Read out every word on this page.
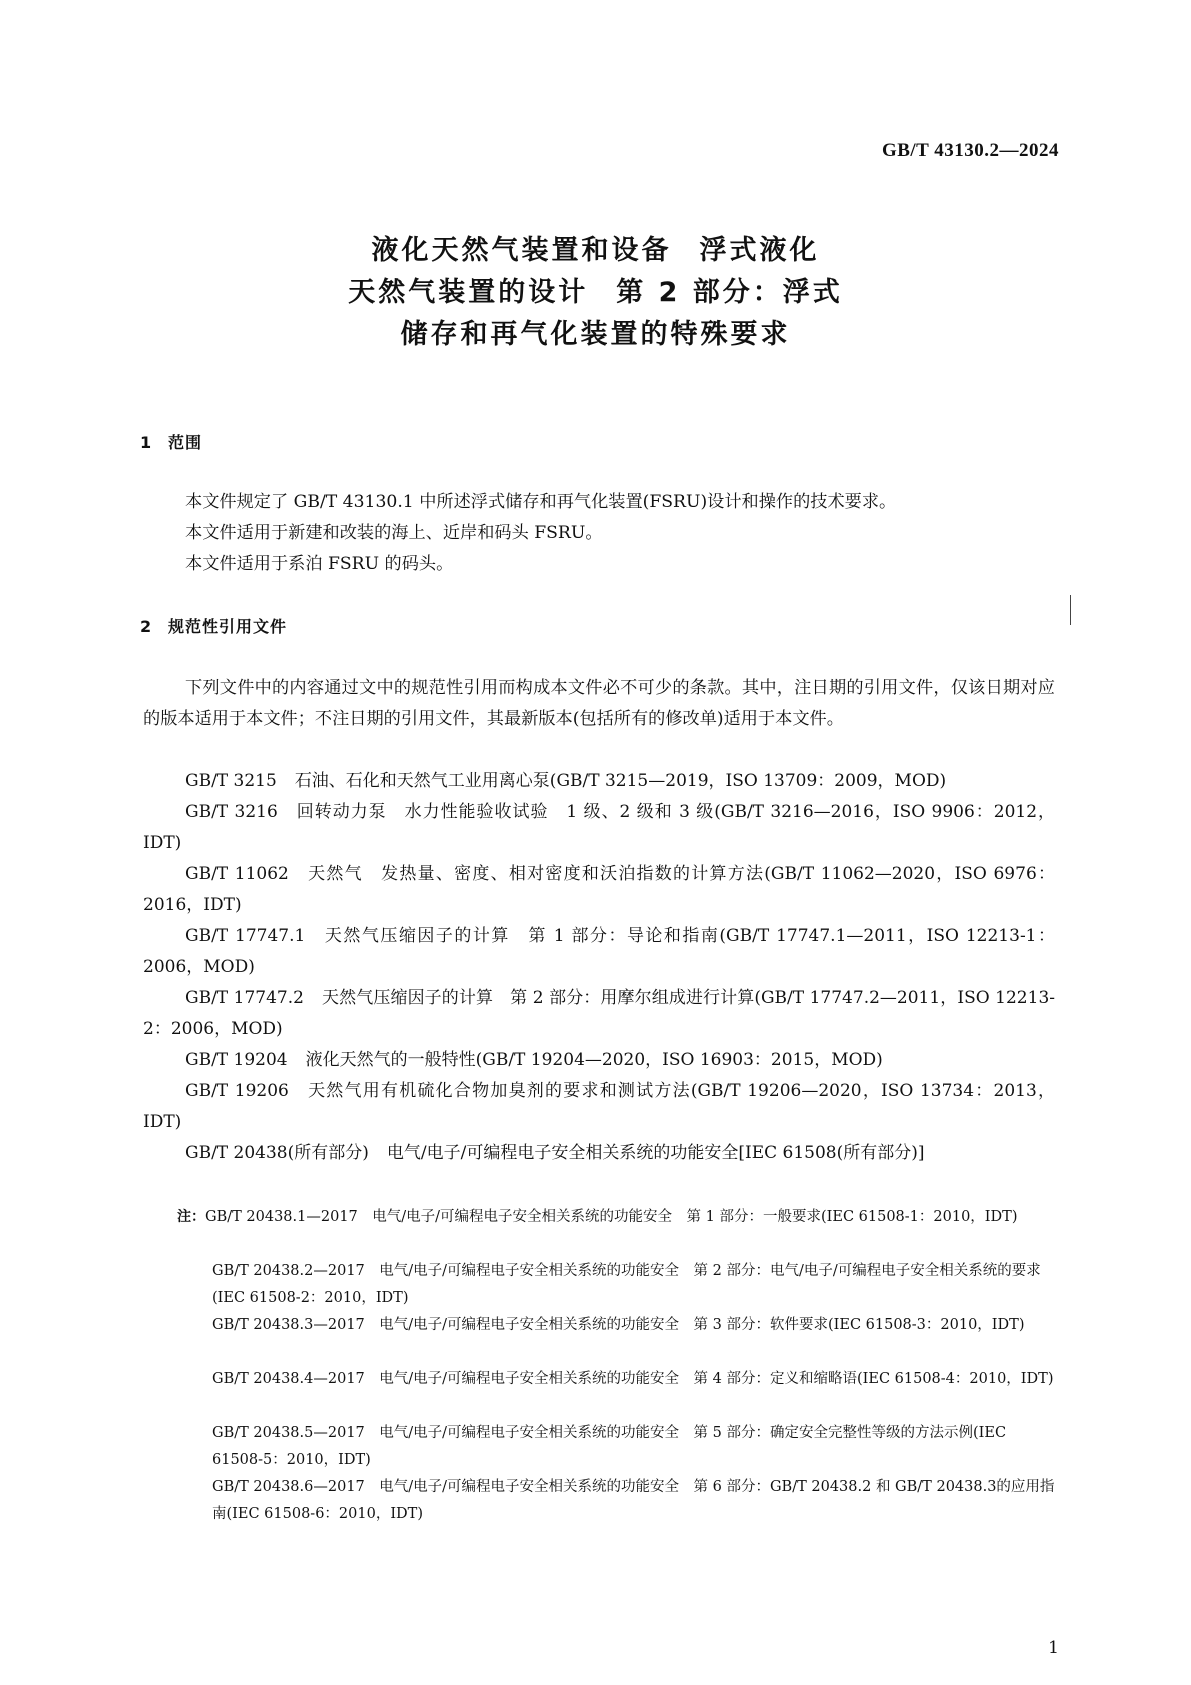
GB/T 43130.2—2024
液化天然气装置和设备 浮式液化
天然气装置的设计 第 2 部分：浮式
储存和再气化装置的特殊要求
1 范围
本文件规定了 GB/T 43130.1 中所述浮式储存和再气化装置(FSRU)设计和操作的技术要求。
本文件适用于新建和改装的海上、近岸和码头 FSRU。
本文件适用于系泊 FSRU 的码头。
2 规范性引用文件
下列文件中的内容通过文中的规范性引用而构成本文件必不可少的条款。其中，注日期的引用文件，仅该日期对应的版本适用于本文件；不注日期的引用文件，其最新版本(包括所有的修改单)适用于本文件。
GB/T 3215 石油、石化和天然气工业用离心泵(GB/T 3215—2019，ISO 13709：2009，MOD)
GB/T 3216 回转动力泵　水力性能验收试验　1 级、2 级和 3 级(GB/T 3216—2016，ISO 9906：2012，IDT)
GB/T 11062 天然气　发热量、密度、相对密度和沃泊指数的计算方法(GB/T 11062—2020，ISO 6976：2016，IDT)
GB/T 17747.1 天然气压缩因子的计算　第 1 部分：导论和指南(GB/T 17747.1—2011，ISO 12213-1：2006，MOD)
GB/T 17747.2 天然气压缩因子的计算　第 2 部分：用摩尔组成进行计算(GB/T 17747.2—2011，ISO 12213-2：2006，MOD)
GB/T 19204 液化天然气的一般特性(GB/T 19204—2020，ISO 16903：2015，MOD)
GB/T 19206 天然气用有机硫化合物加臭剂的要求和测试方法(GB/T 19206—2020，ISO 13734：2013，IDT)
GB/T 20438(所有部分) 电气/电子/可编程电子安全相关系统的功能安全[IEC 61508(所有部分)]
注：GB/T 20438.1—2017　电气/电子/可编程电子安全相关系统的功能安全　第 1 部分：一般要求(IEC 61508-1：2010，IDT)
GB/T 20438.2—2017　电气/电子/可编程电子安全相关系统的功能安全　第 2 部分：电气/电子/可编程电子安全相关系统的要求(IEC 61508-2：2010，IDT)
GB/T 20438.3—2017　电气/电子/可编程电子安全相关系统的功能安全　第 3 部分：软件要求(IEC 61508-3：2010，IDT)
GB/T 20438.4—2017　电气/电子/可编程电子安全相关系统的功能安全　第 4 部分：定义和缩略语(IEC 61508-4：2010，IDT)
GB/T 20438.5—2017　电气/电子/可编程电子安全相关系统的功能安全　第 5 部分：确定安全完整性等级的方法示例(IEC 61508-5：2010，IDT)
GB/T 20438.6—2017　电气/电子/可编程电子安全相关系统的功能安全　第 6 部分：GB/T 20438.2 和 GB/T 20438.3的应用指南(IEC 61508-6：2010，IDT)
1
